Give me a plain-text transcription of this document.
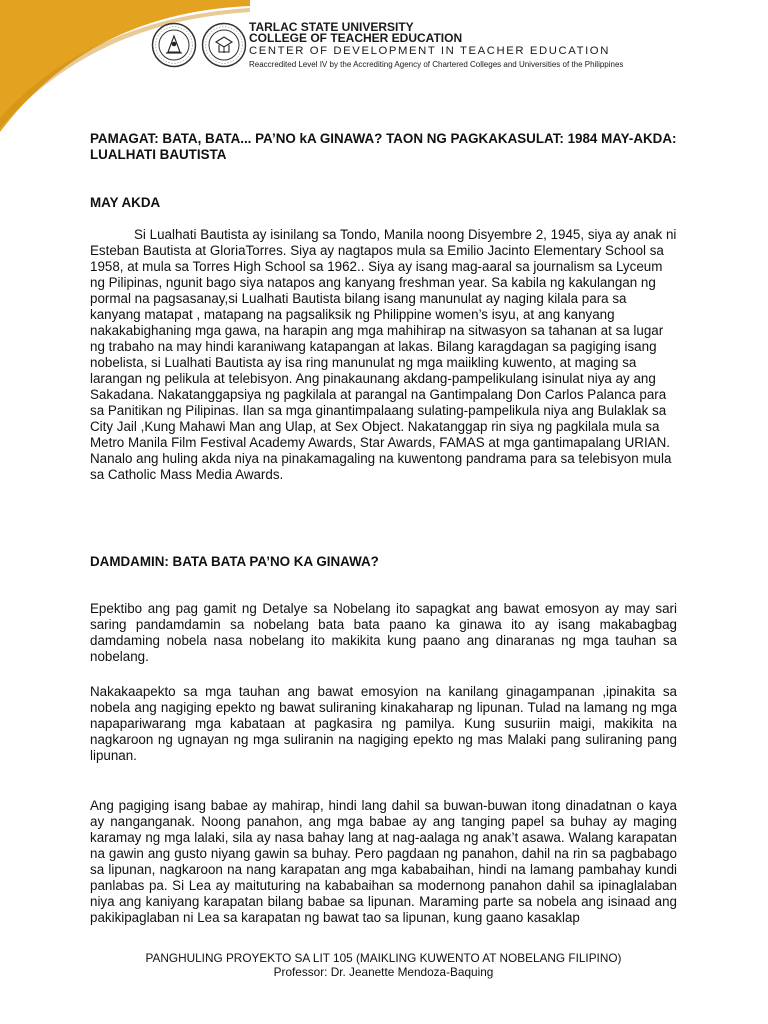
TARLAC STATE UNIVERSITY
COLLEGE OF TEACHER EDUCATION
CENTER OF DEVELOPMENT IN TEACHER EDUCATION
Reaccredited Level IV by the Accrediting Agency of Chartered Colleges and Universities of the Philippines
PAMAGAT: BATA, BATA... PA’NO kA GINAWA? TAON NG PAGKAKASULAT: 1984 MAY-AKDA: LUALHATI BAUTISTA
MAY AKDA
Si Lualhati Bautista ay isinilang sa Tondo, Manila noong Disyembre 2, 1945, siya ay anak ni Esteban Bautista at GloriaTorres. Siya ay nagtapos mula sa Emilio Jacinto Elementary School sa 1958, at mula sa Torres High School sa 1962.. Siya ay isang mag-aaral sa journalism sa Lyceum ng Pilipinas, ngunit bago siya natapos ang kanyang freshman year. Sa kabila ng kakulangan ng pormal na pagsasanay,si Lualhati Bautista bilang isang manunulat ay naging kilala para sa kanyang matapat , matapang na pagsaliksik ng Philippine women’s isyu, at ang kanyang nakakabighaning mga gawa, na harapin ang mga mahihirap na sitwasyon sa tahanan at sa lugar ng trabaho na may hindi karaniwang katapangan at lakas. Bilang karagdagan sa pagiging isang nobelista, si Lualhati Bautista ay isa ring manunulat ng mga maiikling kuwento, at maging sa larangan ng pelikula at telebisyon. Ang pinakaunang akdang-pampelikulang isinulat niya ay ang Sakadana. Nakatanggapsiya ng pagkilala at parangal na Gantimpalang Don Carlos Palanca para sa Panitikan ng Pilipinas. Ilan sa mga ginantimpalaang sulating-pampelikula niya ang Bulaklak sa City Jail ,Kung Mahawi Man ang Ulap, at Sex Object. Nakatanggap rin siya ng pagkilala mula sa Metro Manila Film Festival Academy Awards, Star Awards, FAMAS at mga gantimapalang URIAN. Nanalo ang huling akda niya na pinakamagaling na kuwentong pandrama para sa telebisyon mula sa Catholic Mass Media Awards.
DAMDAMIN: BATA BATA PA’NO KA GINAWA?
Epektibo ang pag gamit ng Detalye sa Nobelang ito sapagkat ang bawat emosyon ay may sari saring pandamdamin sa nobelang bata bata paano ka ginawa ito ay isang makabagbag damdaming nobela nasa nobelang ito makikita kung paano ang dinaranas ng mga tauhan sa nobelang.
Nakakaapekto sa mga tauhan ang bawat emosyion na kanilang ginagampanan ,ipinakita sa nobela ang nagiging epekto ng bawat suliraning kinakaharap ng lipunan. Tulad na lamang ng mga napapariwarang mga kabataan at pagkasira ng pamilya. Kung susuriin maigi, makikita na nagkaroon ng ugnayan ng mga suliranin na nagiging epekto ng mas Malaki pang suliraning pang lipunan.
Ang pagiging isang babae ay mahirap, hindi lang dahil sa buwan-buwan itong dinadatnan o kaya ay nanganganak. Noong panahon, ang mga babae ay ang tanging papel sa buhay ay maging karamay ng mga lalaki, sila ay nasa bahay lang at nag-aalaga ng anak’t asawa. Walang karapatan na gawin ang gusto niyang gawin sa buhay. Pero pagdaan ng panahon, dahil na rin sa pagbabago sa lipunan, nagkaroon na nang karapatan ang mga kababaihan, hindi na lamang pambahay kundi panlabas pa. Si Lea ay maituturing na kababaihan sa modernong panahon dahil sa ipinaglalaban niya ang kaniyang karapatan bilang babae sa lipunan. Maraming parte sa nobela ang isinaad ang pakikipaglaban ni Lea sa karapatan ng bawat tao sa lipunan, kung gaano kasaklap
PANGHULING PROYEKTO SA LIT 105 (MAIKLING KUWENTO AT NOBELANG FILIPINO)
Professor: Dr. Jeanette Mendoza-Baquing
